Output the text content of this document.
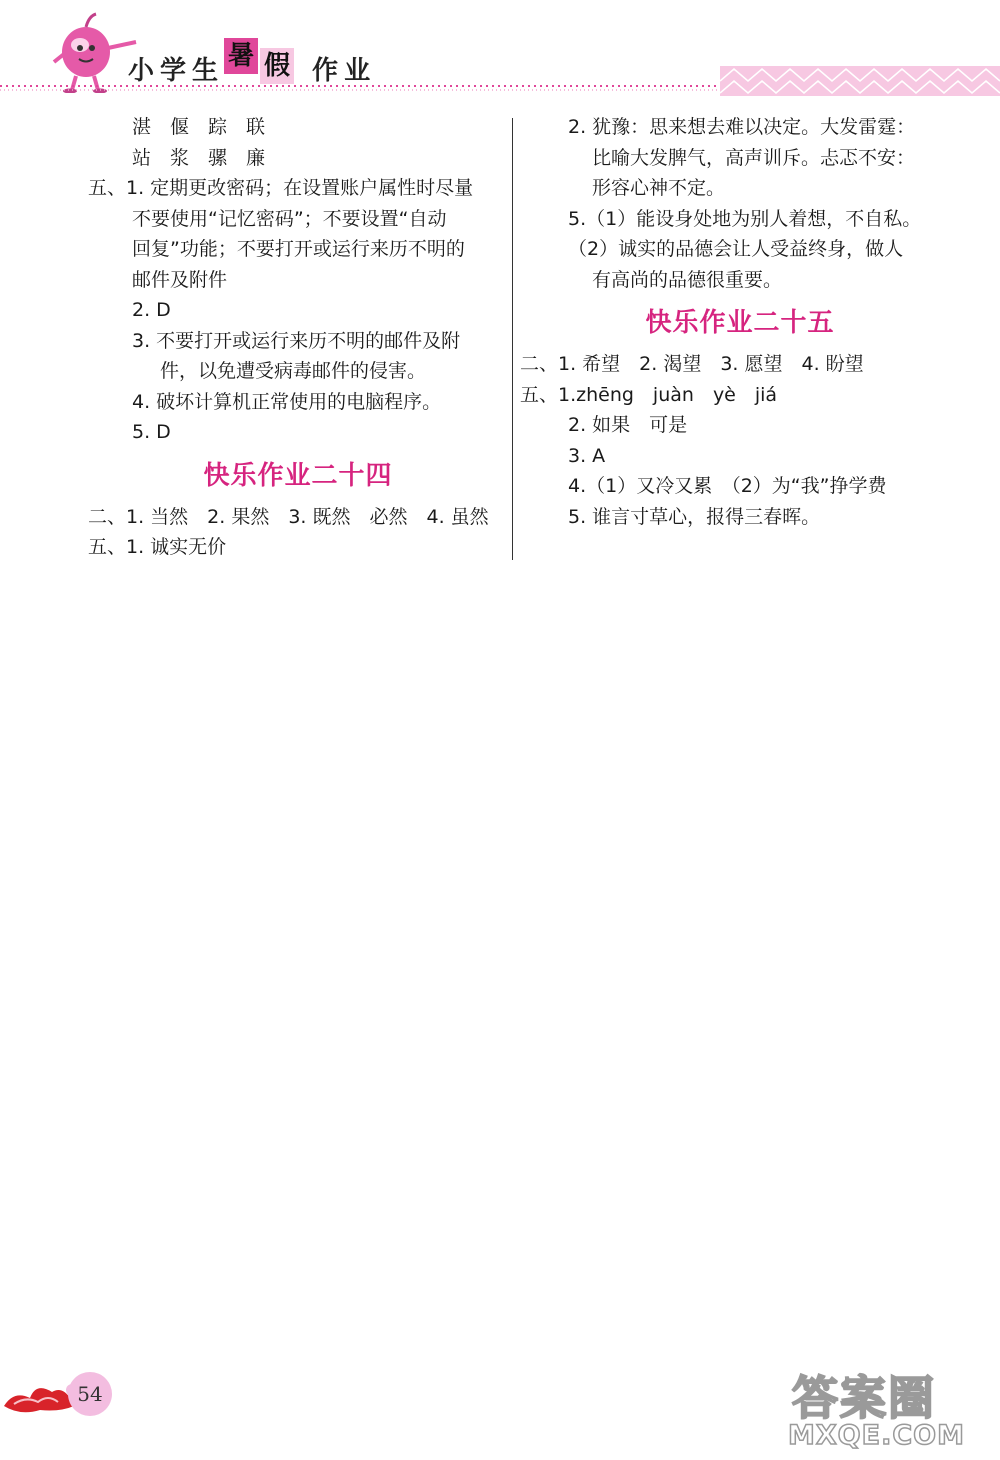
小 学 生 暑 假 作 业
湛　偃　踪　联
站　浆　骡　廉
五、1. 定期更改密码；在设置账户属性时尽量
不要使用“记忆密码”；不要设置“自动
回复”功能；不要打开或运行来历不明的
邮件及附件
2. D
3. 不要打开或运行来历不明的邮件及附
件，以免遭受病毒邮件的侵害。
4. 破坏计算机正常使用的电脑程序。
5. D
快乐作业二十四
二、1. 当然　2. 果然　3. 既然　必然　4. 虽然
五、1. 诚实无价
2. 犹豫：思来想去难以决定。大发雷霆：
比喻大发脾气，高声训斥。忐忑不安：
形容心神不定。
5.（1）能设身处地为别人着想，不自私。
（2）诚实的品德会让人受益终身，做人
有高尚的品德很重要。
快乐作业二十五
二、1. 希望　2. 渴望　3. 愿望　4. 盼望
五、1.zhēng　juàn　yè　jiá
2. 如果　可是
3. A
4.（1）又冷又累　（2）为“我”挣学费
5. 谁言寸草心，报得三春晖。
54	答案圈
MXQE.COM
